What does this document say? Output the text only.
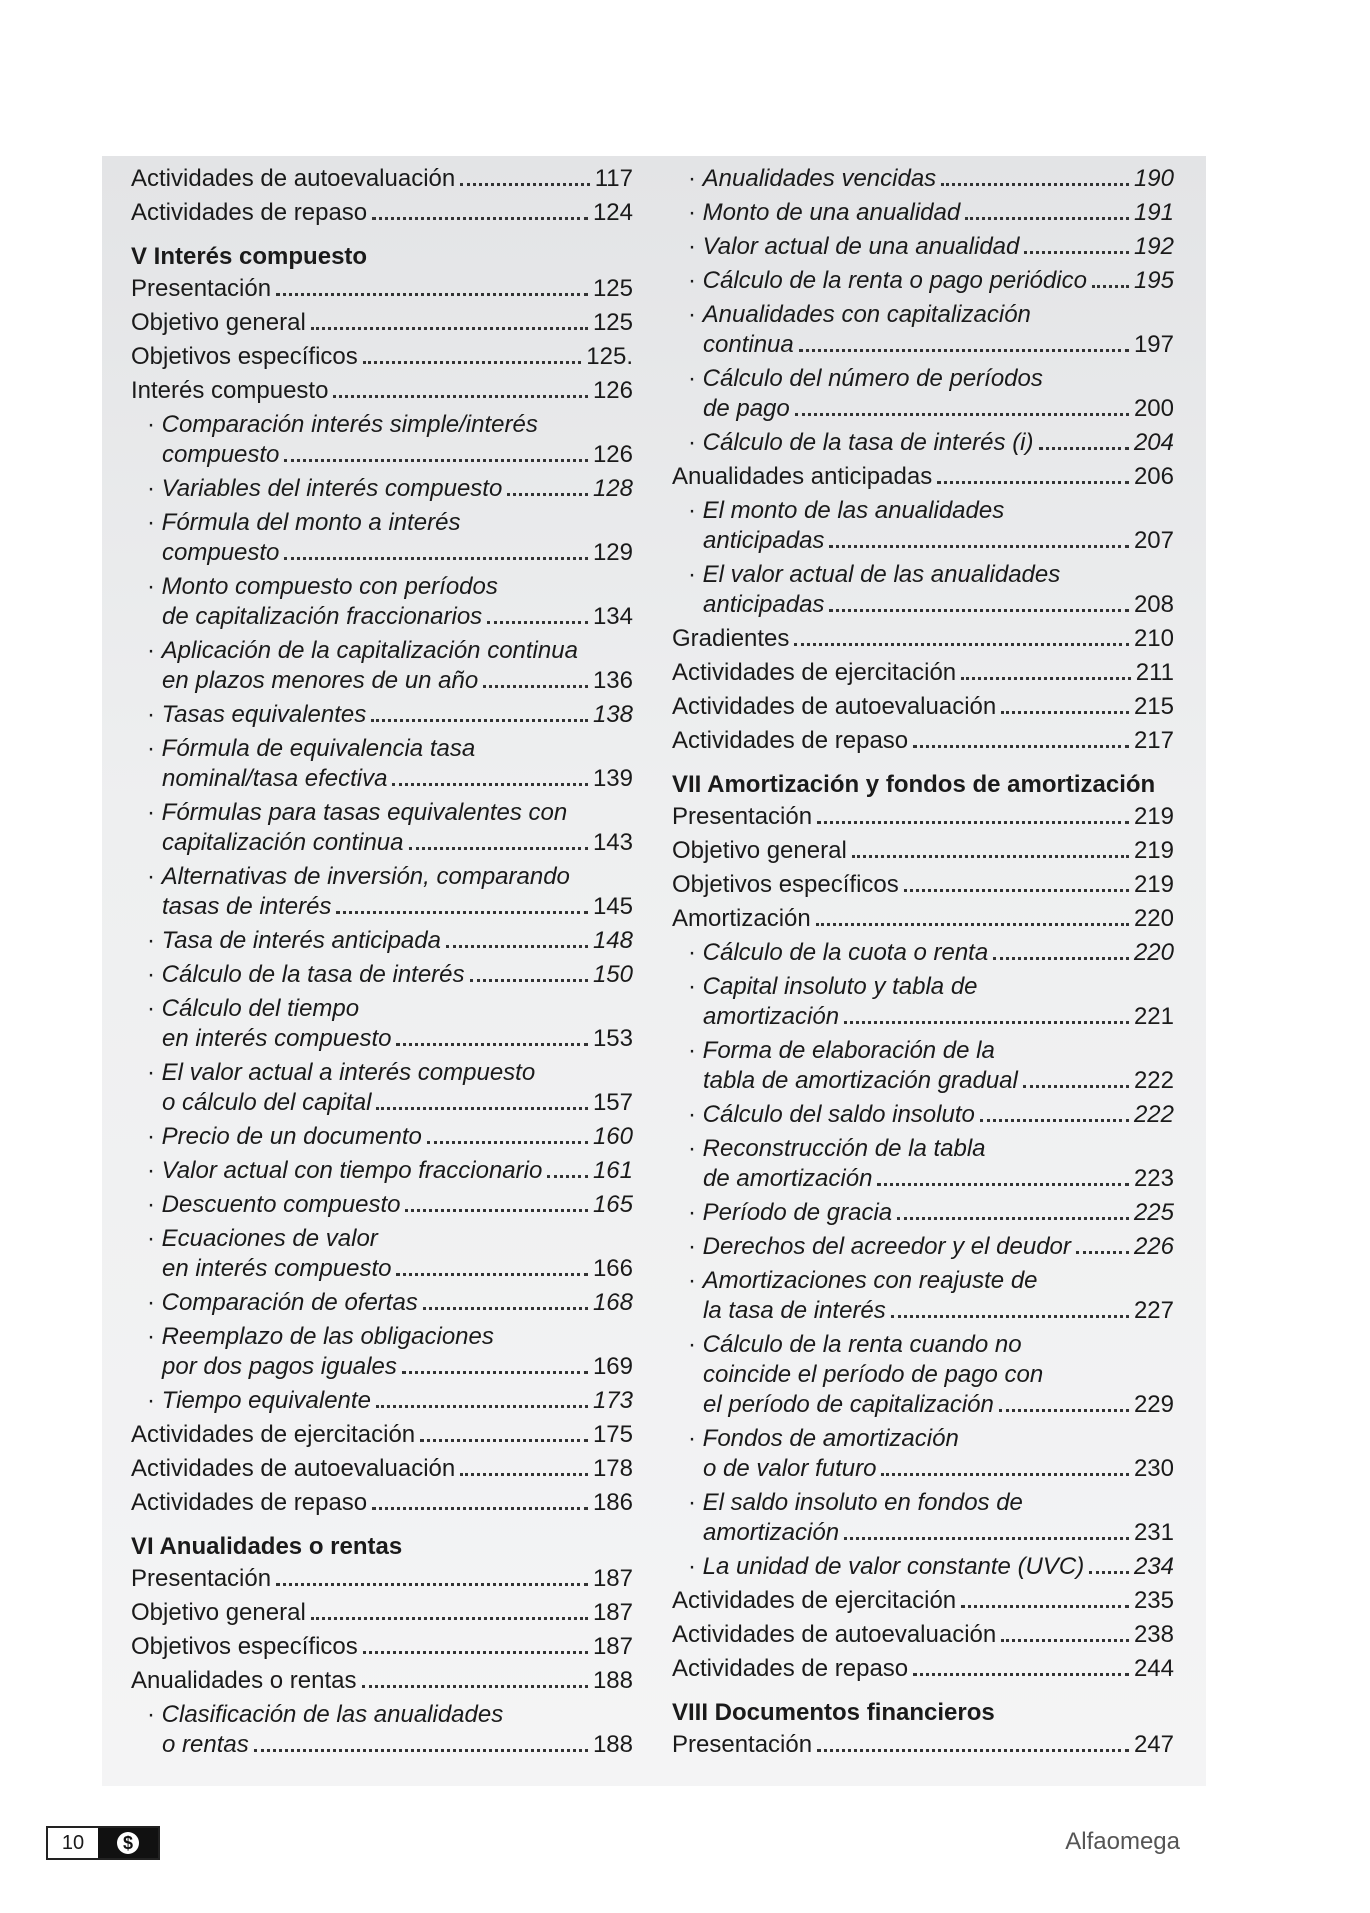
Actividades de autoevaluación	117
Actividades de repaso	124
V Interés compuesto
Presentación	125
Objetivo general	125
Objetivos específicos	125.
Interés compuesto	126
· Comparación interés simple/interés
compuesto	126
· Variables del interés compuesto	128
· Fórmula del monto a interés
compuesto	129
· Monto compuesto con períodos
de capitalización fraccionarios	134
· Aplicación de la capitalización continua
en plazos menores de un año	136
· Tasas equivalentes	138
· Fórmula de equivalencia tasa
nominal/tasa efectiva	139
· Fórmulas para tasas equivalentes con
capitalización continua	143
· Alternativas de inversión, comparando
tasas de interés	145
· Tasa de interés anticipada	148
· Cálculo de la tasa de interés	150
· Cálculo del tiempo
en interés compuesto	153
· El valor actual a interés compuesto
o cálculo del capital	157
· Precio de un documento	160
· Valor actual con tiempo fraccionario 161
· Descuento compuesto	165
· Ecuaciones de valor
en interés compuesto	166
· Comparación de ofertas	168
· Reemplazo de las obligaciones
por dos pagos iguales	169
· Tiempo equivalente	173
Actividades de ejercitación	175
Actividades de autoevaluación	178
Actividades de repaso	186
VI Anualidades o rentas
Presentación	187
Objetivo general	187
Objetivos específicos	187
Anualidades o rentas	188
· Clasificación de las anualidades
o rentas	188
· Anualidades vencidas	190
· Monto de una anualidad	191
· Valor actual de una anualidad	192
· Cálculo de la renta o pago periódico 195
· Anualidades con capitalización
continua	197
· Cálculo del número de períodos
de pago	200
· Cálculo de la tasa de interés (i)	204
Anualidades anticipadas	206
· El monto de las anualidades
anticipadas	207
· El valor actual de las anualidades
anticipadas	208
Gradientes	210
Actividades de ejercitación	211
Actividades de autoevaluación	215
Actividades de repaso	217
VII Amortización y fondos de amortización
Presentación	219
Objetivo general	219
Objetivos específicos	219
Amortización	220
· Cálculo de la cuota o renta	220
· Capital insoluto y tabla de
amortización	221
· Forma de elaboración de la
tabla de amortización gradual	222
· Cálculo del saldo insoluto	222
· Reconstrucción de la tabla
de amortización	223
· Período de gracia	225
· Derechos del acreedor y el deudor	226
· Amortizaciones con reajuste de
la tasa de interés	227
· Cálculo de la renta cuando no
coincide el período de pago con
el período de capitalización	229
· Fondos de amortización
o de valor futuro	230
· El saldo insoluto en fondos de
amortización	231
· La unidad de valor constante (UVC) 234
Actividades de ejercitación	235
Actividades de autoevaluación	238
Actividades de repaso	244
VIII Documentos financieros
Presentación	247
10	$	Alfaomega
